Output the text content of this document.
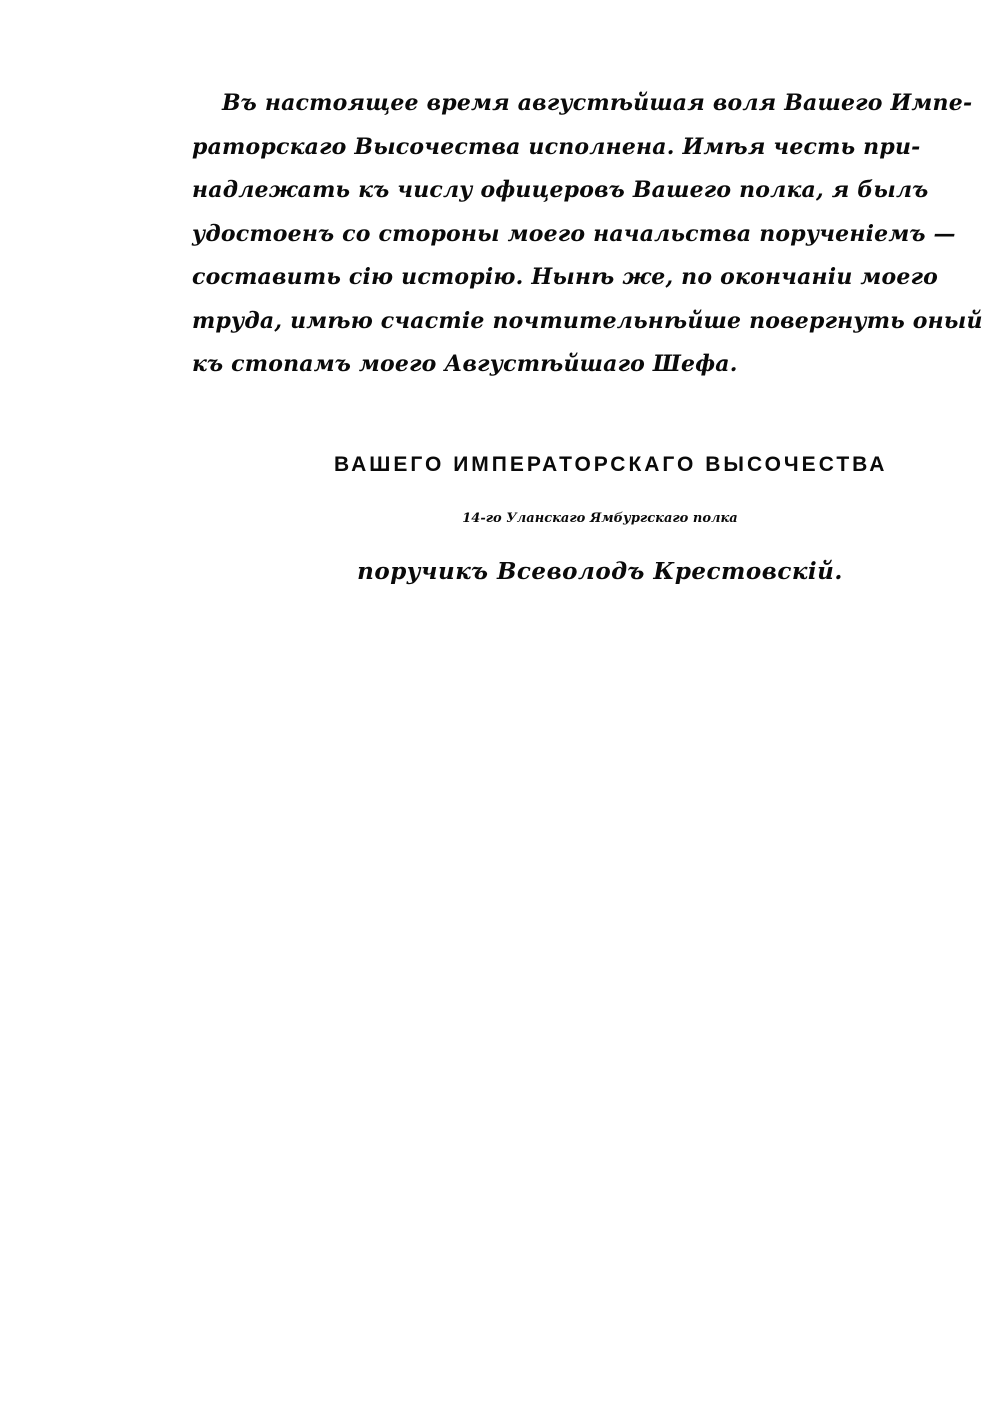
Въ настоящее время августѣйшая воля Вашего Импе-
раторскаго Высочества исполнена. Имѣя честь при-
надлежать къ числу офицеровъ Вашего полка, я былъ
удостоенъ со стороны моего начальства порученіемъ —
составить сію исторію. Нынѣ же, по окончаніи моего
труда, имѣю счастіе почтительнѣйше повергнуть оный
къ стопамъ моего Августѣйшаго Шефа.
ВАШЕГО ИМПЕРАТОРСКАГО ВЫСОЧЕСТВА
14-го Уланскаго Ямбургскаго полка
поручикъ Всеволодъ Крестовскій.
